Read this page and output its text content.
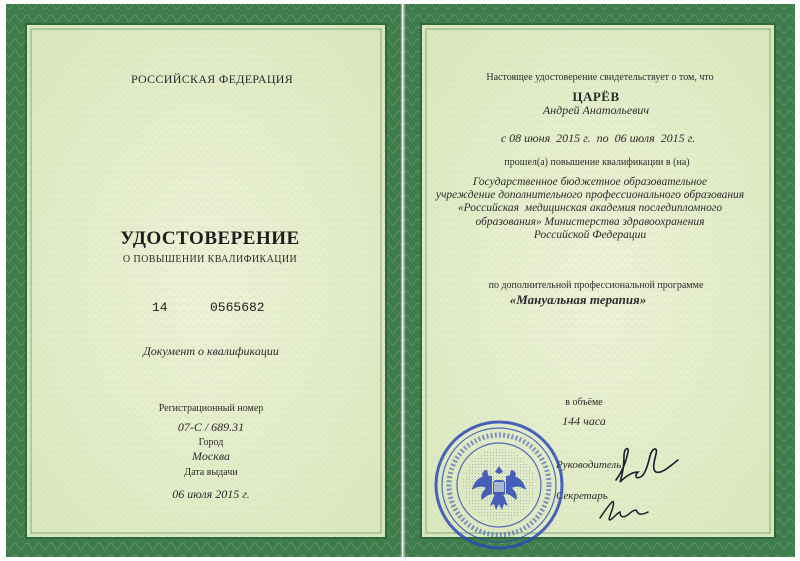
РОССИЙСКАЯ ФЕДЕРАЦИЯ
УДОСТОВЕРЕНИЕ
О ПОВЫШЕНИИ КВАЛИФИКАЦИИ
14	0565682
Документ о квалификации
Регистрационный номер
07-С / 689.31
Город
Москва
Дата выдачи
06 июля 2015 г.
Настоящее удостоверение свидетельствует о том, что
ЦАРЁВ
Андрей Анатольевич
с 08 июня  2015 г.  по  06 июля  2015 г.
прошел(а) повышение квалификации в (на)
Государственное бюджетное образовательное
учреждение дополнительного профессионального образования
«Российская  медицинская академия последипломного
образования» Министерства здравоохранения
Российской Федерации
по дополнительной профессиональной программе
«Мануальная терапия»
в объёме
144 часа
Руководитель
Секретарь
